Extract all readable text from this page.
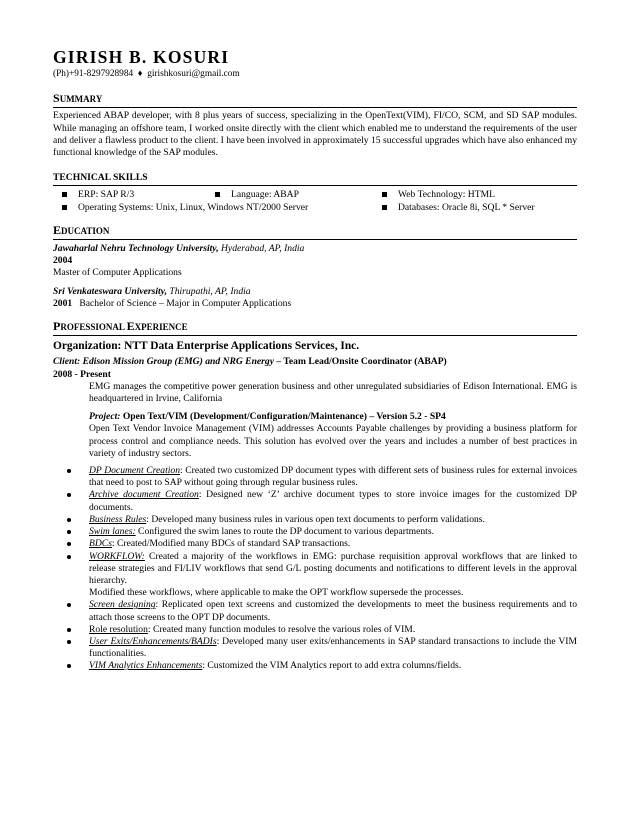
GIRISH B. KOSURI
(Ph)+91-8297928984 ♦ girishkosuri@gmail.com
SUMMARY
Experienced ABAP developer, with 8 plus years of success, specializing in the OpenText(VIM), FI/CO, SCM, and SD SAP modules. While managing an offshore team, I worked onsite directly with the client which enabled me to understand the requirements of the user and deliver a flawless product to the client. I have been involved in approximately 15 successful upgrades which have also enhanced my functional knowledge of the SAP modules.
TECHNICAL SKILLS
ERP: SAP R/3	Language: ABAP	Web Technology: HTML
Operating Systems: Unix, Linux, Windows NT/2000 Server	Databases: Oracle 8i, SQL * Server
EDUCATION
Jawaharlal Nehru Technology University, Hyderabad, AP, India
2004
Master of Computer Applications
Sri Venkateswara University, Thirupathi, AP, India
2001 Bachelor of Science – Major in Computer Applications
PROFESSIONAL EXPERIENCE
Organization: NTT Data Enterprise Applications Services, Inc.
Client: Edison Mission Group (EMG) and NRG Energy – Team Lead/Onsite Coordinator (ABAP)
2008 - Present
EMG manages the competitive power generation business and other unregulated subsidiaries of Edison International. EMG is headquartered in Irvine, California
Project: Open Text/VIM (Development/Configuration/Maintenance) – Version 5.2 - SP4
Open Text Vendor Invoice Management (VIM) addresses Accounts Payable challenges by providing a business platform for process control and compliance needs. This solution has evolved over the years and includes a number of best practices in variety of industry sectors.
DP Document Creation: Created two customized DP document types with different sets of business rules for external invoices that need to post to SAP without going through regular business rules.
Archive document Creation: Designed new ‘Z’ archive document types to store invoice images for the customized DP documents.
Business Rules: Developed many business rules in various open text documents to perform validations.
Swim lanes: Configured the swim lanes to route the DP document to various departments.
BDCs: Created/Modified many BDCs of standard SAP transactions.
WORKFLOW: Created a majority of the workflows in EMG: purchase requisition approval workflows that are linked to release strategies and FI/LIV workflows that send G/L posting documents and notifications to different levels in the approval hierarchy.
Modified these workflows, where applicable to make the OPT workflow supersede the processes.
Screen designing: Replicated open text screens and customized the developments to meet the business requirements and to attach those screens to the OPT DP documents.
Role resolution: Created many function modules to resolve the various roles of VIM.
User Exits/Enhancements/BADIs: Developed many user exits/enhancements in SAP standard transactions to include the VIM functionalities.
VIM Analytics Enhancements: Customized the VIM Analytics report to add extra columns/fields.
